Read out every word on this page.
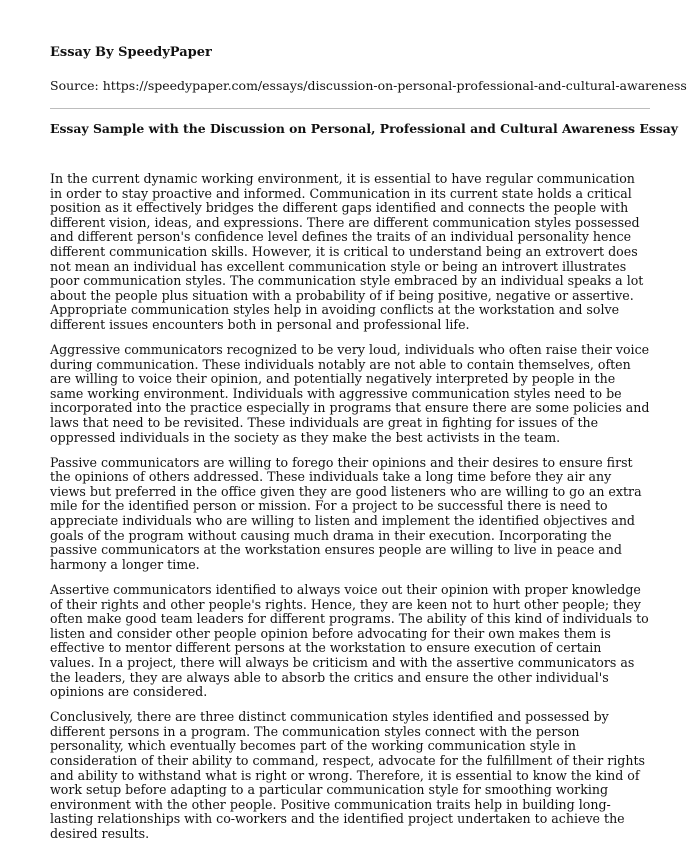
Essay By SpeedyPaper
Source: https://speedypaper.com/essays/discussion-on-personal-professional-and-cultural-awareness
Essay Sample with the Discussion on Personal, Professional and Cultural Awareness Essay

In the current dynamic working environment, it is essential to have regular communication in order to stay proactive and informed. Communication in its current state holds a critical position as it effectively bridges the different gaps identified and connects the people with different vision, ideas, and expressions. There are different communication styles possessed and different person's confidence level defines the traits of an individual personality hence different communication skills. However, it is critical to understand being an extrovert does not mean an individual has excellent communication style or being an introvert illustrates poor communication styles. The communication style embraced by an individual speaks a lot about the people plus situation with a probability of if being positive, negative or assertive. Appropriate communication styles help in avoiding conflicts at the workstation and solve different issues encounters both in personal and professional life.

Aggressive communicators recognized to be very loud, individuals who often raise their voice during communication. These individuals notably are not able to contain themselves, often are willing to voice their opinion, and potentially negatively interpreted by people in the same working environment. Individuals with aggressive communication styles need to be incorporated into the practice especially in programs that ensure there are some policies and laws that need to be revisited. These individuals are great in fighting for issues of the oppressed individuals in the society as they make the best activists in the team.

Passive communicators are willing to forego their opinions and their desires to ensure first the opinions of others addressed. These individuals take a long time before they air any views but preferred in the office given they are good listeners who are willing to go an extra mile for the identified person or mission. For a project to be successful there is need to appreciate individuals who are willing to listen and implement the identified objectives and goals of the program without causing much drama in their execution. Incorporating the passive communicators at the workstation ensures people are willing to live in peace and harmony a longer time.

Assertive communicators identified to always voice out their opinion with proper knowledge of their rights and other people's rights. Hence, they are keen not to hurt other people; they often make good team leaders for different programs. The ability of this kind of individuals to listen and consider other people opinion before advocating for their own makes them is effective to mentor different persons at the workstation to ensure execution of certain values. In a project, there will always be criticism and with the assertive communicators as the leaders, they are always able to absorb the critics and ensure the other individual's opinions are considered.

Conclusively, there are three distinct communication styles identified and possessed by different persons in a program. The communication styles connect with the person personality, which eventually becomes part of the working communication style in consideration of their ability to command, respect, advocate for the fulfillment of their rights and ability to withstand what is right or wrong. Therefore, it is essential to know the kind of work setup before adapting to a particular communication style for smoothing working environment with the other people. Positive communication traits help in building long-lasting relationships with co-workers and the identified project undertaken to achieve the desired results.
